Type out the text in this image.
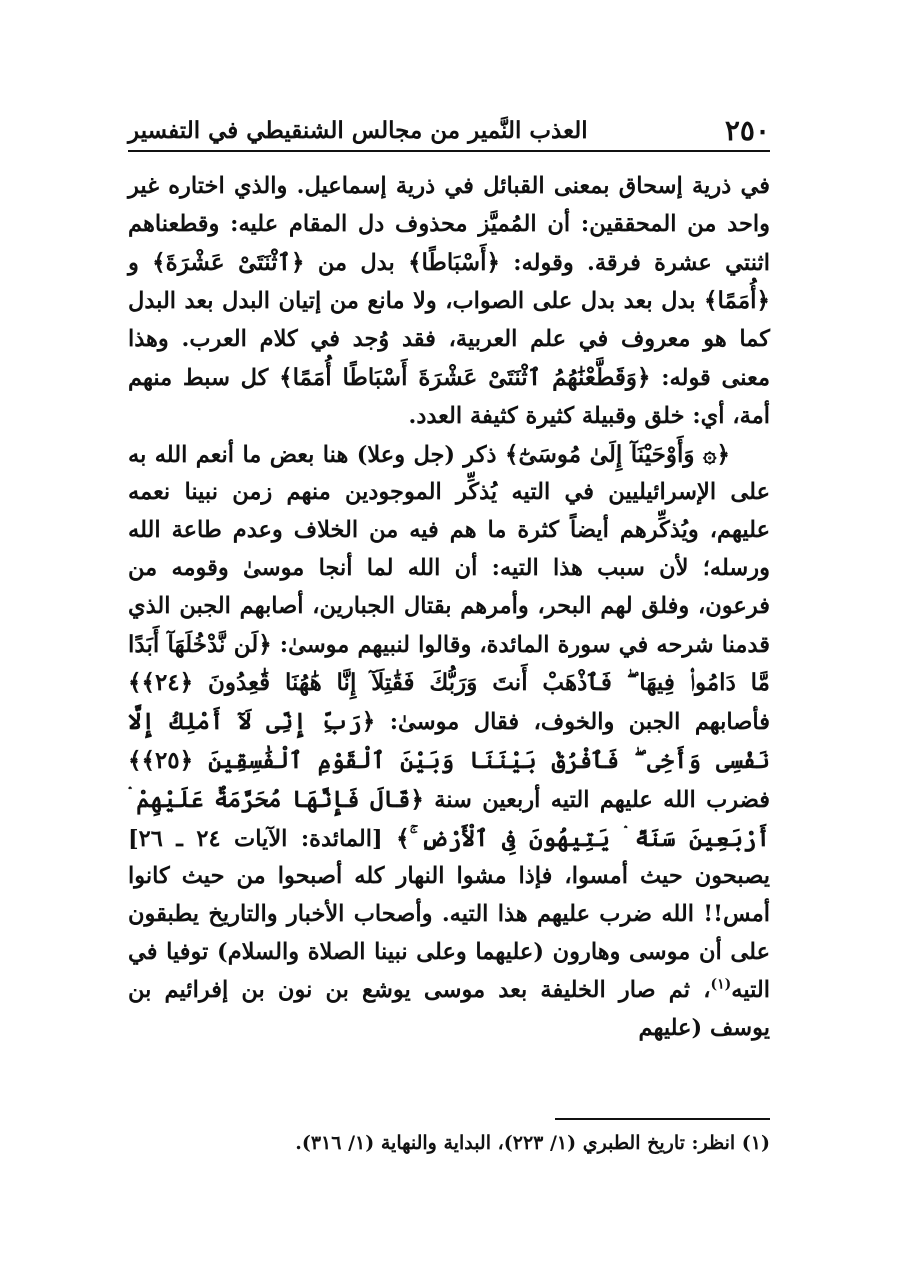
٢٥٠
العذب النَّمير من مجالس الشنقيطي في التفسير

في ذرية إسحاق بمعنى القبائل في ذرية إسماعيل. والذي اختاره غير واحد من المحققين: أن المُميَّز محذوف دل المقام عليه: وقطعناهم اثنتي عشرة فرقة. وقوله: ﴿أَسْبَاطًا﴾ بدل من ﴿ٱثْنَتَىْ عَشْرَةَ﴾ و ﴿أُمَمًا﴾ بدل بعد بدل على الصواب، ولا مانع من إتيان البدل بعد البدل كما هو معروف في علم العربية، فقد وُجد في كلام العرب. وهذا معنى قوله: ﴿وَقَطَّعْنَٰهُمُ ٱثْنَتَىْ عَشْرَةَ أَسْبَاطًا أُمَمًا﴾ كل سبط منهم أمة، أي: خلق وقبيلة كثيرة كثيفة العدد.

﴿۞ وَأَوْحَيْنَآ إِلَىٰ مُوسَىٰٓ﴾ ذكر (جل وعلا) هنا بعض ما أنعم الله به على الإسرائيليين في التيه يُذكِّر الموجودين منهم زمن نبينا نعمه عليهم، ويُذكِّرهم أيضاً كثرة ما هم فيه من الخلاف وعدم طاعة الله ورسله؛ لأن سبب هذا التيه: أن الله لما أنجا موسىٰ وقومه من فرعون، وفلق لهم البحر، وأمرهم بقتال الجبارين، أصابهم الجبن الذي قدمنا شرحه في سورة المائدة، وقالوا لنبيهم موسىٰ: ﴿لَن نَّدْخُلَهَآ أَبَدًا مَّا دَامُوا۟ فِيهَا ۖ فَٱذْهَبْ أَنتَ وَرَبُّكَ فَقَٰتِلَآ إِنَّا هَٰهُنَا قَٰعِدُونَ ﴿٢٤﴾﴾ فأصابهم الجبن والخوف، فقال موسىٰ: ﴿رَبِّ إِنِّى لَآ أَمْلِكُ إِلَّا نَفْسِى وَأَخِى ۖ فَٱفْرُقْ بَيْنَنَا وَبَيْنَ ٱلْقَوْمِ ٱلْفَٰسِقِينَ ﴿٢٥﴾﴾ فضرب الله عليهم التيه أربعين سنة ﴿قَالَ فَإِنَّهَا مُحَرَّمَةٌ عَلَيْهِمْ ۛ أَرْبَعِينَ سَنَةً ۛ يَتِيهُونَ فِى ٱلْأَرْضِ ۚ﴾ [المائدة: الآيات ٢٤ ـ ٢٦] يصبحون حيث أمسوا، فإذا مشوا النهار كله أصبحوا من حيث كانوا أمس!! الله ضرب عليهم هذا التيه. وأصحاب الأخبار والتاريخ يطبقون على أن موسى وهارون (عليهما وعلى نبينا الصلاة والسلام) توفيا في التيه$^{(١)}$، ثم صار الخليفة بعد موسى يوشع بن نون بن إفرائيم بن يوسف (عليهم

(١) انظر: تاريخ الطبري (١/ ٢٢٣)، البداية والنهاية (١/ ٣١٦).
